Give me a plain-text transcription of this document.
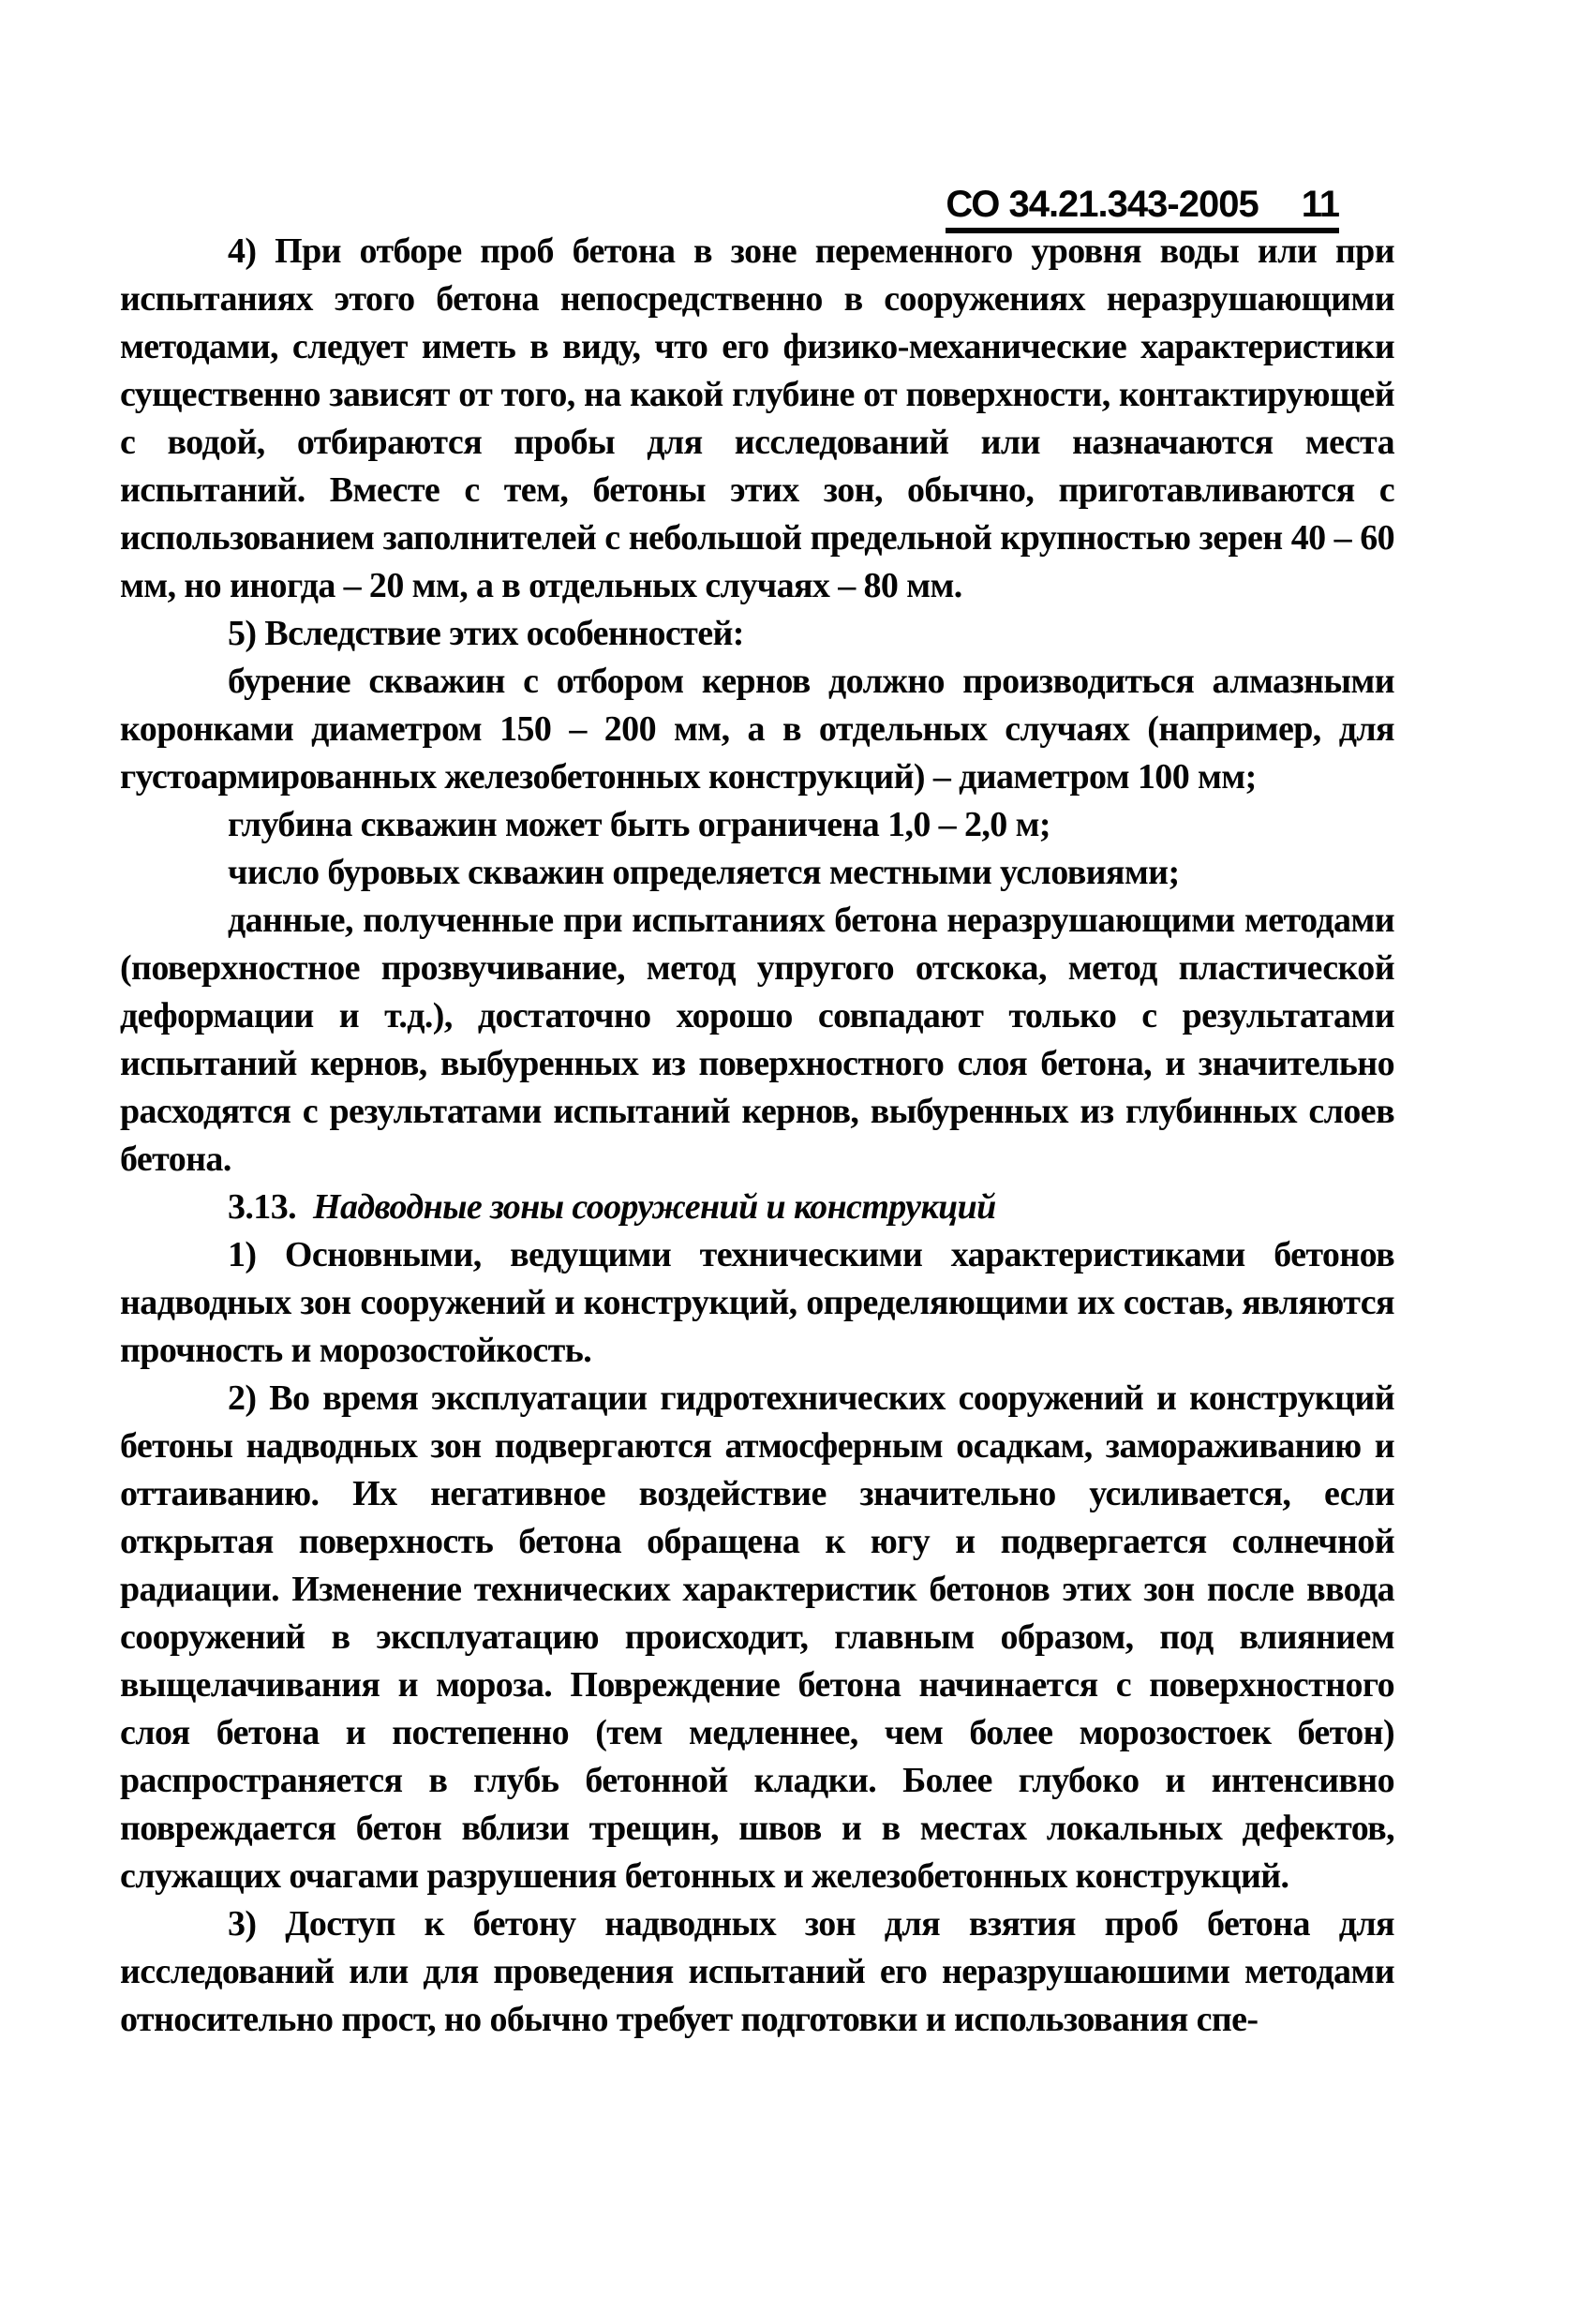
СО 34.21.343-2005 11

4) При отборе проб бетона в зоне переменного уровня воды или при испытаниях этого бетона непосредственно в сооружениях неразрушающими методами, следует иметь в виду, что его физико-механические характеристики существенно зависят от того, на какой глубине от поверхности, контактирующей с водой, отбираются пробы для исследований или назначаются места испытаний. Вместе с тем, бетоны этих зон, обычно, приготавливаются с использованием заполнителей с небольшой предельной крупностью зерен 40 – 60 мм, но иногда – 20 мм, а в отдельных случаях – 80 мм.

5) Вследствие этих особенностей:

бурение скважин с отбором кернов должно производиться алмазными коронками диаметром 150 – 200 мм, а в отдельных случаях (например, для густоармированных железобетонных конструкций) – диаметром 100 мм;

глубина скважин может быть ограничена 1,0 – 2,0 м;

число буровых скважин определяется местными условиями;

данные, полученные при испытаниях бетона неразрушающими методами (поверхностное прозвучивание, метод упругого отскока, метод пластической деформации и т.д.), достаточно хорошо совпадают только с результатами испытаний кернов, выбуренных из поверхностного слоя бетона, и значительно расходятся с результатами испытаний кернов, выбуренных из глубинных слоев бетона.

3.13. Надводные зоны сооружений и конструкций

1) Основными, ведущими техническими характеристиками бетонов надводных зон сооружений и конструкций, определяющими их состав, являются прочность и морозостойкость.

2) Во время эксплуатации гидротехнических сооружений и конструкций бетоны надводных зон подвергаются атмосферным осадкам, замораживанию и оттаиванию. Их негативное воздействие значительно усиливается, если открытая поверхность бетона обращена к югу и подвергается солнечной радиации. Изменение технических характеристик бетонов этих зон после ввода сооружений в эксплуатацию происходит, главным образом, под влиянием выщелачивания и мороза. Повреждение бетона начинается с поверхностного слоя бетона и постепенно (тем медленнее, чем более морозостоек бетон) распространяется в глубь бетонной кладки. Более глубоко и интенсивно повреждается бетон вблизи трещин, швов и в местах локальных дефектов, служащих очагами разрушения бетонных и железобетонных конструкций.

3) Доступ к бетону надводных зон для взятия проб бетона для исследований или для проведения испытаний его неразрушаюшими методами относительно прост, но обычно требует подготовки и использования спе-
